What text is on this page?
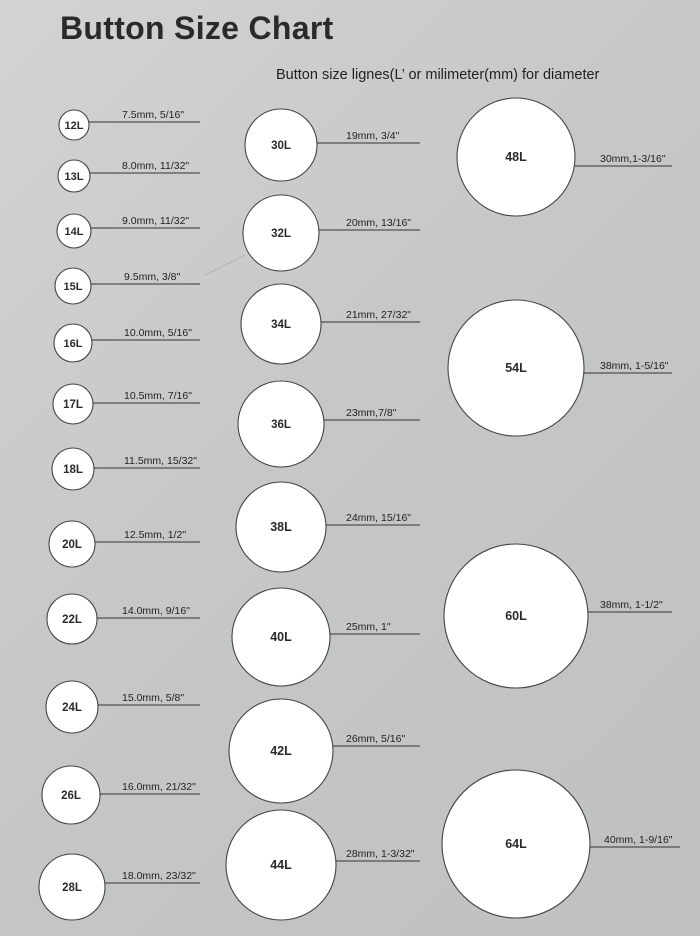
Button Size Chart
Button size lignes(L’ or milimeter(mm) for diameter
12L
7.5mm, 5/16"
13L
8.0mm, 11/32"
14L
9.0mm, 11/32"
15L
9.5mm, 3/8"
16L
10.0mm, 5/16"
17L
10.5mm, 7/16"
18L
11.5mm, 15/32"
20L
12.5mm, 1/2"
22L
14.0mm, 9/16"
24L
15.0mm, 5/8"
26L
16.0mm, 21/32"
28L
18.0mm, 23/32"
30L
19mm, 3/4"
32L
20mm, 13/16"
34L
21mm, 27/32"
36L
23mm,7/8"
38L
24mm, 15/16"
40L
25mm, 1"
42L
26mm, 5/16"
44L
28mm, 1-3/32"
48L	30mm,1-3/16"
54L	38mm, 1-5/16"
60L
38mm, 1-1/2"
64L	40mm, 1-9/16"
